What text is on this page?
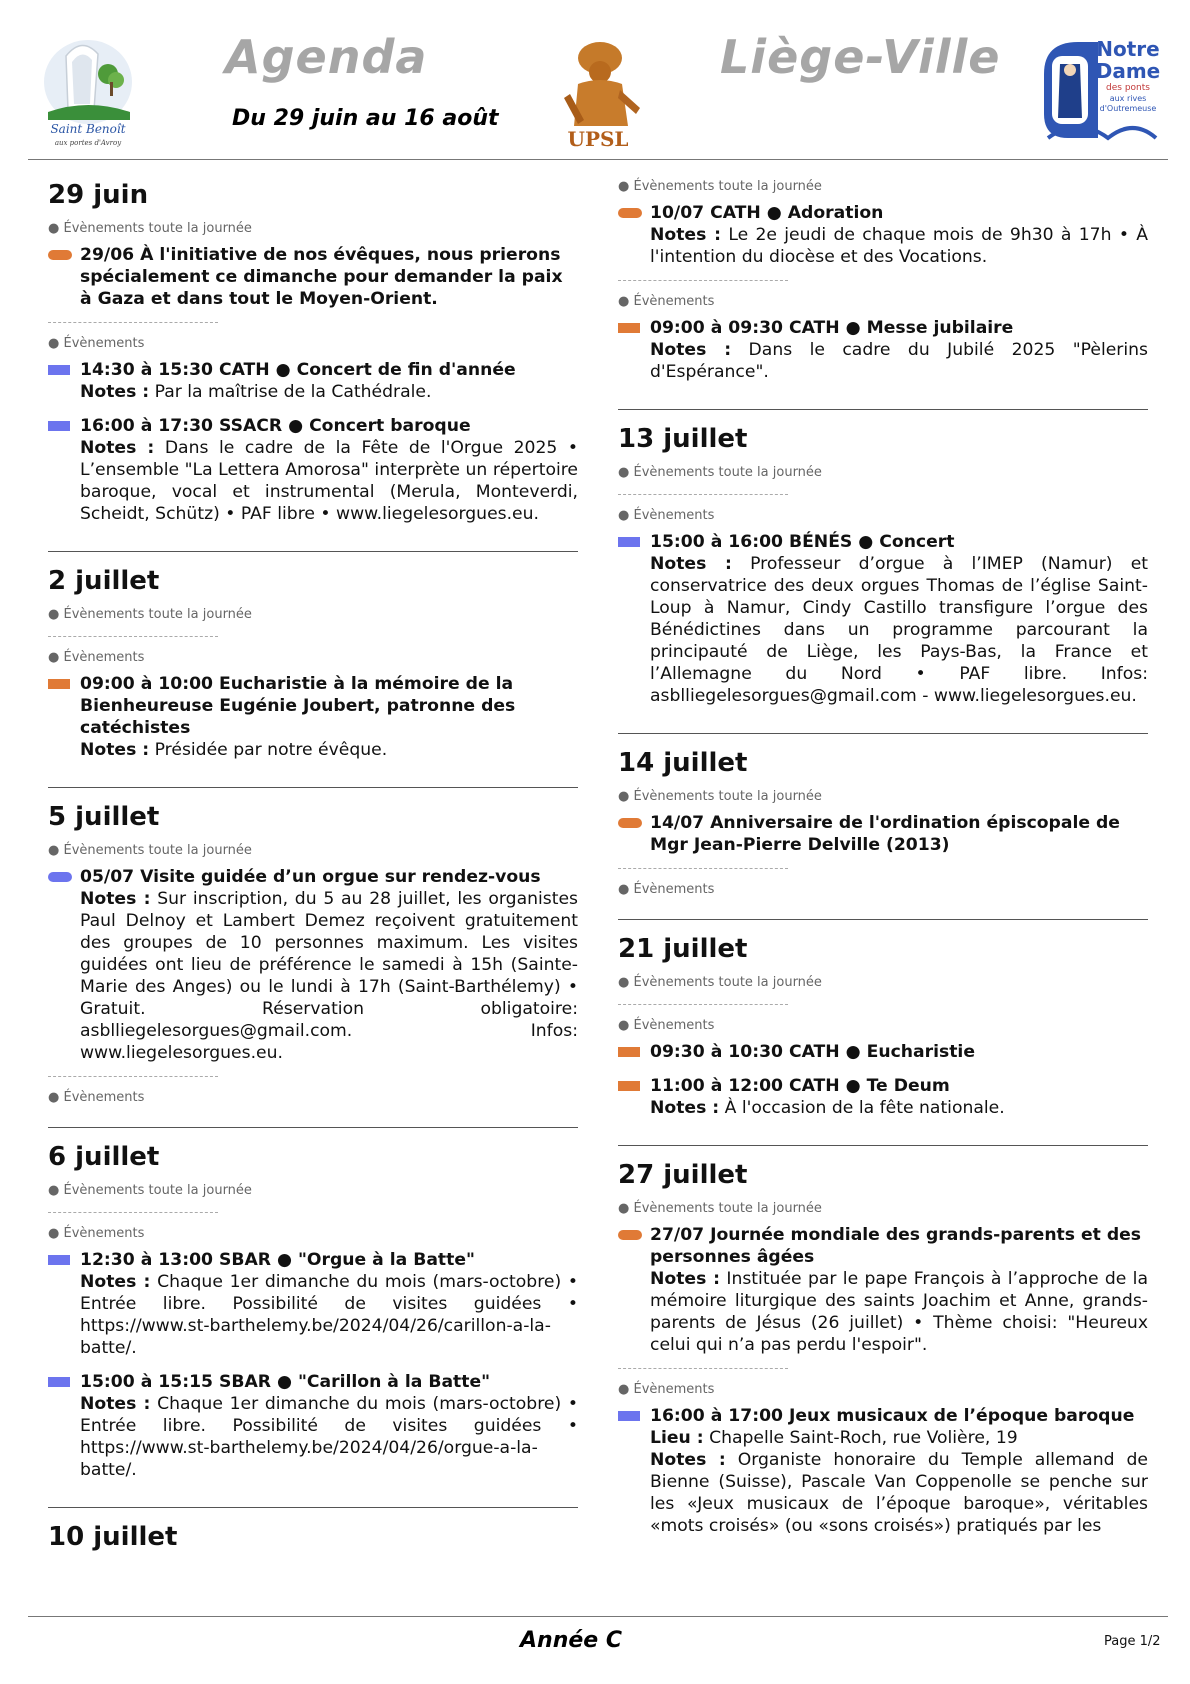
Saint Benoît
aux portes d'Avroy
Agenda	Liège-Ville
Du 29 juin au 16 août
UPSL
Notre
Dame
des ponts
aux rives
d'Outremeuse
29 juin
● Évènements toute la journée
29/06 À l'initiative de nos évêques, nous prierons spécialement ce dimanche pour demander la paix à Gaza et dans tout le Moyen-Orient.
● Évènements
14:30 à 15:30 CATH ● Concert de fin d'année
Notes : Par la maîtrise de la Cathédrale.
16:00 à 17:30 SSACR ● Concert baroque
Notes : Dans le cadre de la Fête de l'Orgue 2025 • L’ensemble "La Lettera Amorosa" interprète un répertoire baroque, vocal et instrumental (Merula, Monteverdi, Scheidt, Schütz) • PAF libre • www.liegelesorgues.eu.
2 juillet
● Évènements toute la journée
● Évènements
09:00 à 10:00 Eucharistie à la mémoire de la Bienheureuse Eugénie Joubert, patronne des catéchistes
Notes : Présidée par notre évêque.
5 juillet
● Évènements toute la journée
05/07 Visite guidée d’un orgue sur rendez-vous
Notes : Sur inscription, du 5 au 28 juillet, les organistes Paul Delnoy et Lambert Demez reçoivent gratuitement des groupes de 10 personnes maximum. Les visites guidées ont lieu de préférence le samedi à 15h (Sainte-Marie des Anges) ou le lundi à 17h (Saint-Barthélemy) • Gratuit. Réservation obligatoire: asblliegelesorgues@gmail.com. Infos: www.liegelesorgues.eu.
● Évènements
6 juillet
● Évènements toute la journée
● Évènements
12:30 à 13:00 SBAR ● "Orgue à la Batte"
Notes : Chaque 1er dimanche du mois (mars-octobre) • Entrée libre. Possibilité de visites guidées • https://www.st-barthelemy.be/2024/04/26/carillon-a-la-batte/.
15:00 à 15:15 SBAR ● "Carillon à la Batte"
Notes : Chaque 1er dimanche du mois (mars-octobre) • Entrée libre. Possibilité de visites guidées • https://www.st-barthelemy.be/2024/04/26/orgue-a-la-batte/.
10 juillet
● Évènements toute la journée
10/07 CATH ● Adoration
Notes : Le 2e jeudi de chaque mois de 9h30 à 17h • À l'intention du diocèse et des Vocations.
● Évènements
09:00 à 09:30 CATH ● Messe jubilaire
Notes : Dans le cadre du Jubilé 2025 "Pèlerins d'Espérance".
13 juillet
● Évènements toute la journée
● Évènements
15:00 à 16:00 BÉNÉS ● Concert
Notes : Professeur d’orgue à l’IMEP (Namur) et conservatrice des deux orgues Thomas de l’église Saint-Loup à Namur, Cindy Castillo transfigure l’orgue des Bénédictines dans un programme parcourant la principauté de Liège, les Pays-Bas, la France et l’Allemagne du Nord • PAF libre. Infos: asblliegelesorgues@gmail.com - www.liegelesorgues.eu.
14 juillet
● Évènements toute la journée
14/07 Anniversaire de l'ordination épiscopale de Mgr Jean-Pierre Delville (2013)
● Évènements
21 juillet
● Évènements toute la journée
● Évènements
09:30 à 10:30 CATH ● Eucharistie
11:00 à 12:00 CATH ● Te Deum
Notes : À l'occasion de la fête nationale.
27 juillet
● Évènements toute la journée
27/07 Journée mondiale des grands-parents et des personnes âgées
Notes : Instituée par le pape François à l’approche de la mémoire liturgique des saints Joachim et Anne, grands-parents de Jésus (26 juillet) • Thème choisi: "Heureux celui qui n’a pas perdu l'espoir".
● Évènements
16:00 à 17:00 Jeux musicaux de l’époque baroque
Lieu : Chapelle Saint-Roch, rue Volière, 19
Notes : Organiste honoraire du Temple allemand de Bienne (Suisse), Pascale Van Coppenolle se penche sur les «Jeux musicaux de l’époque baroque», véritables «mots croisés» (ou «sons croisés») pratiqués par les
Année C	Page 1/2
